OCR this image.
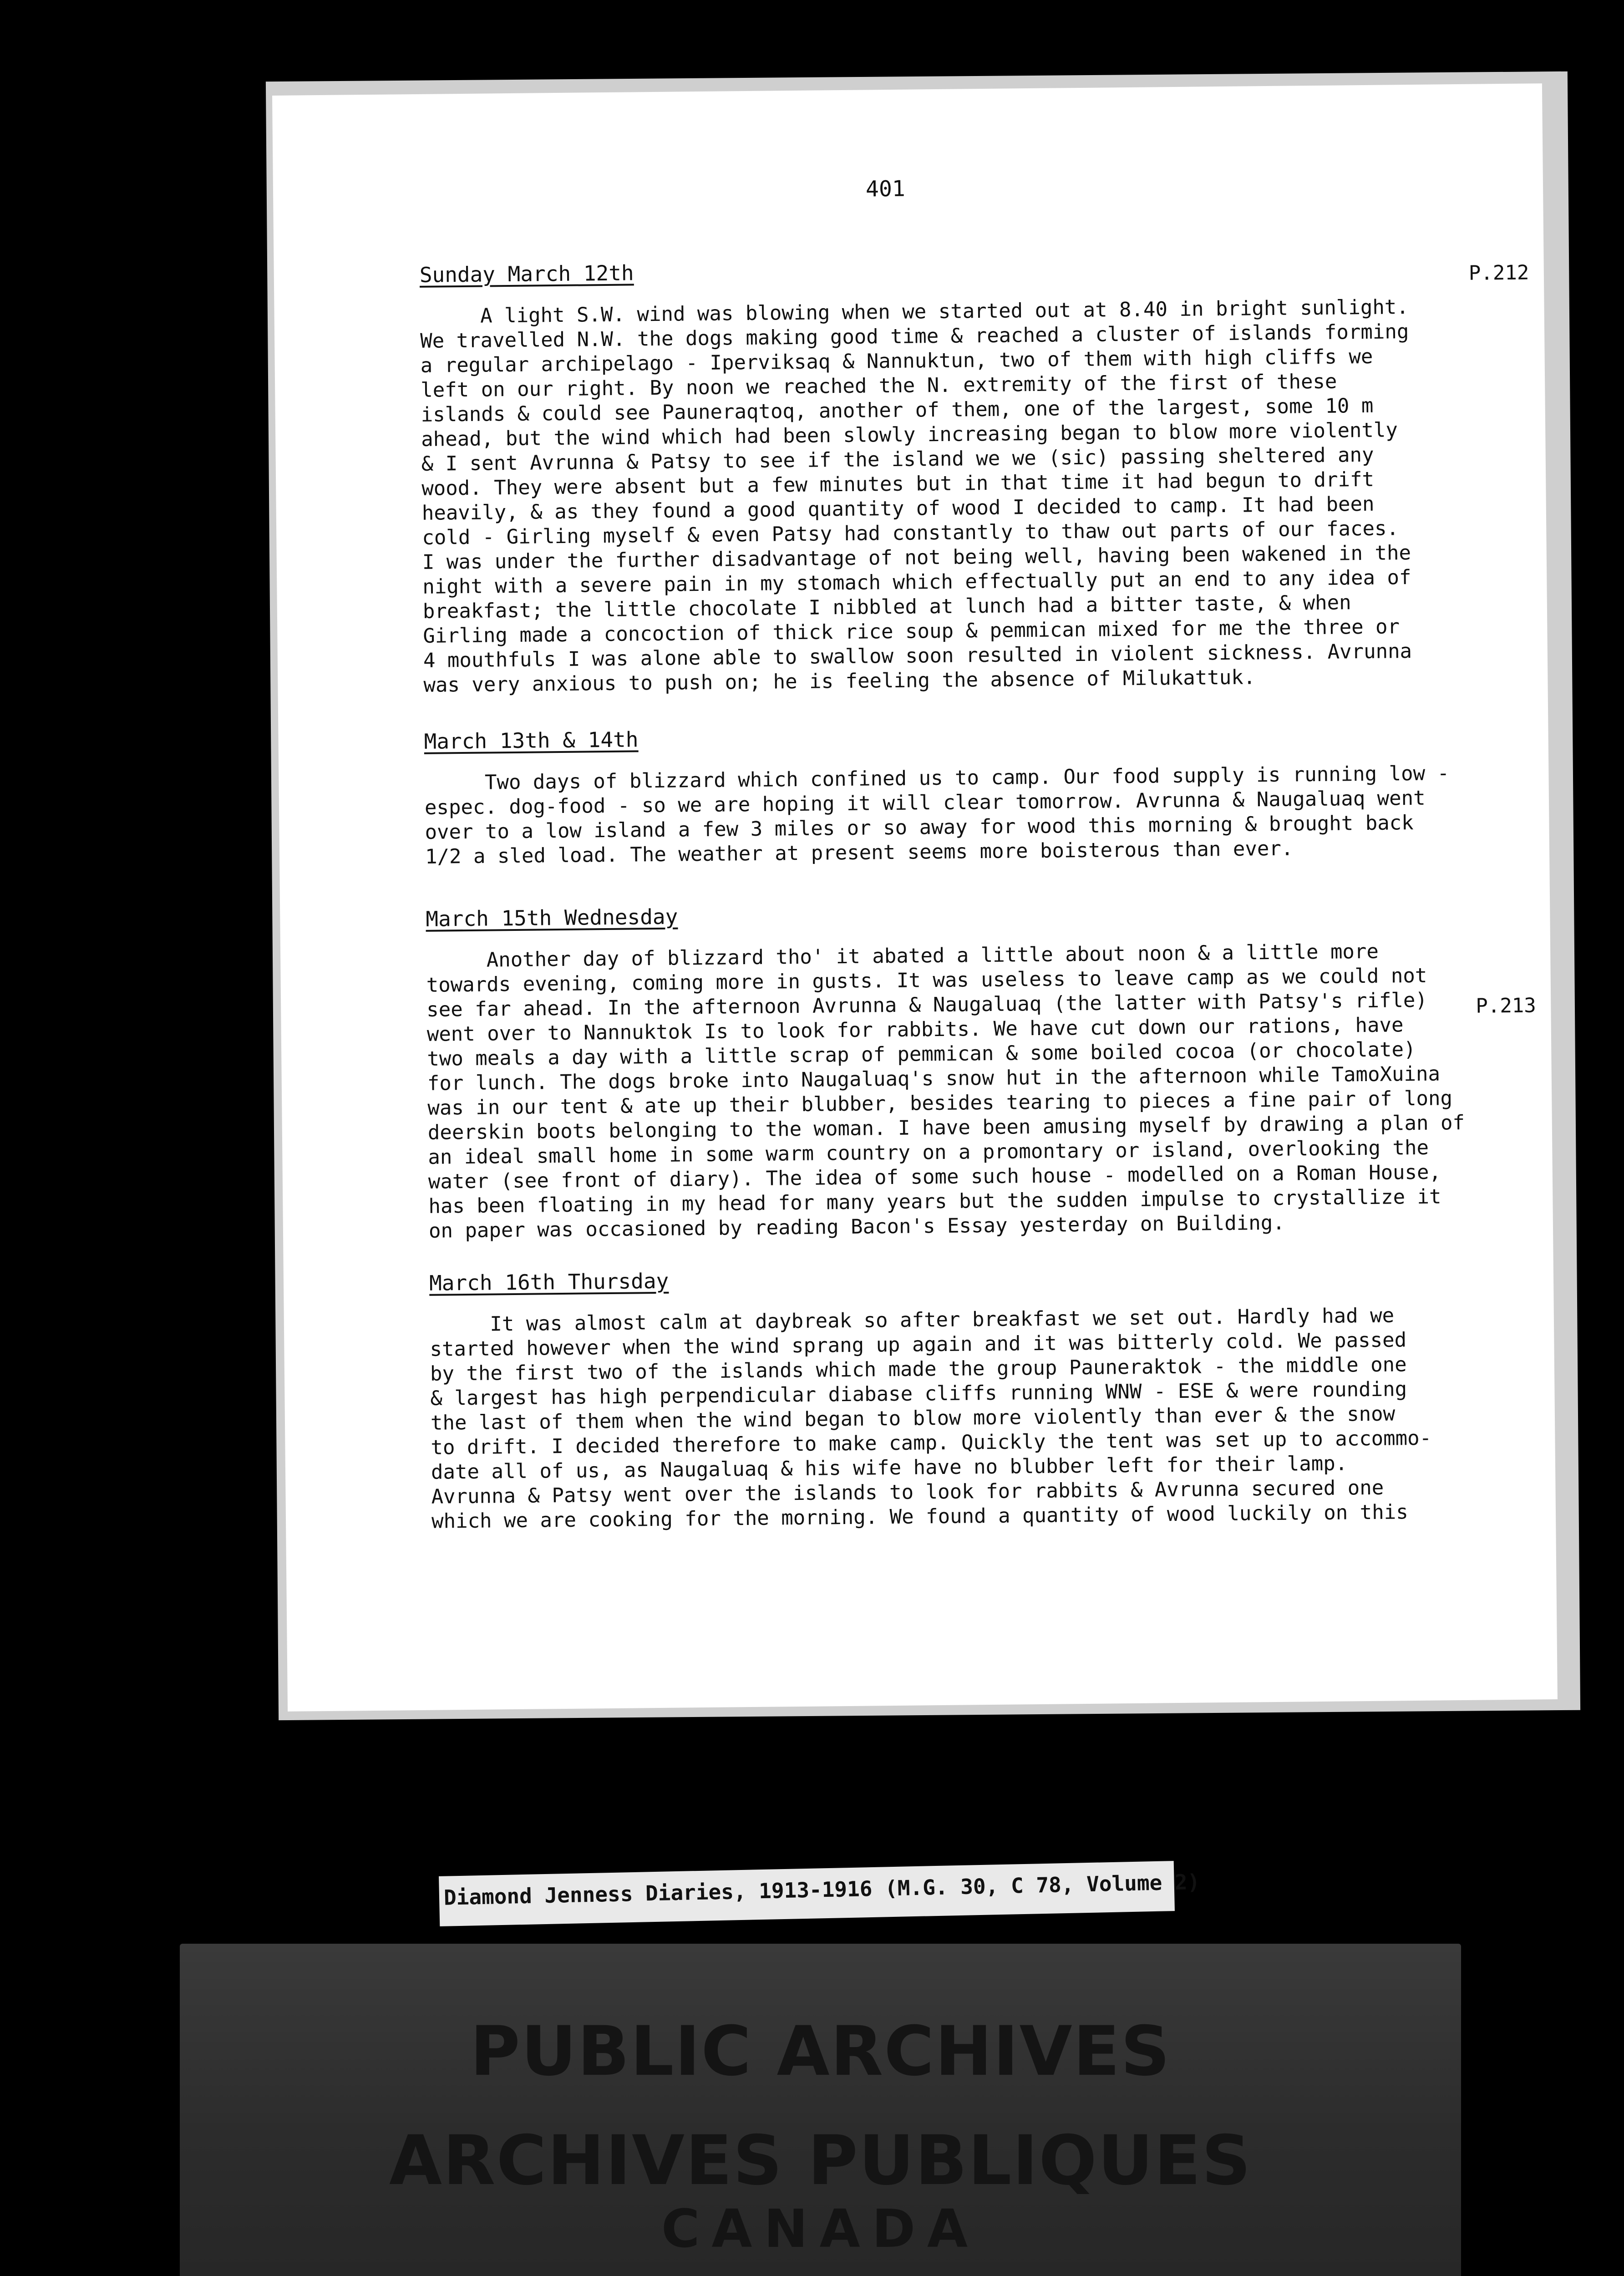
401
P.212
P.213
Sunday March 12th
A light S.W. wind was blowing when we started out at 8.40 in bright sunlight.
We travelled N.W. the dogs making good time & reached a cluster of islands forming
a regular archipelago - Iperviksaq & Nannuktun, two of them with high cliffs we
left on our right. By noon we reached the N. extremity of the first of these
islands & could see Pauneraqtoq, another of them, one of the largest, some 10 m
ahead, but the wind which had been slowly increasing began to blow more violently
& I sent Avrunna & Patsy to see if the island we we (sic) passing sheltered any
wood. They were absent but a few minutes but in that time it had begun to drift
heavily, & as they found a good quantity of wood I decided to camp. It had been
cold - Girling myself & even Patsy had constantly to thaw out parts of our faces.
I was under the further disadvantage of not being well, having been wakened in the
night with a severe pain in my stomach which effectually put an end to any idea of
breakfast; the little chocolate I nibbled at lunch had a bitter taste, & when
Girling made a concoction of thick rice soup & pemmican mixed for me the three or
4 mouthfuls I was alone able to swallow soon resulted in violent sickness. Avrunna
was very anxious to push on; he is feeling the absence of Milukattuk.
March 13th & 14th
Two days of blizzard which confined us to camp. Our food supply is running low -
espec. dog-food - so we are hoping it will clear tomorrow. Avrunna & Naugaluaq went
over to a low island a few 3 miles or so away for wood this morning & brought back
1/2 a sled load. The weather at present seems more boisterous than ever.
March 15th Wednesday
Another day of blizzard tho' it abated a little about noon & a little more
towards evening, coming more in gusts. It was useless to leave camp as we could not
see far ahead. In the afternoon Avrunna & Naugaluaq (the latter with Patsy's rifle)
went over to Nannuktok Is to look for rabbits. We have cut down our rations, have
two meals a day with a little scrap of pemmican & some boiled cocoa (or chocolate)
for lunch. The dogs broke into Naugaluaq's snow hut in the afternoon while TamoXuina
was in our tent & ate up their blubber, besides tearing to pieces a fine pair of long
deerskin boots belonging to the woman. I have been amusing myself by drawing a plan of
an ideal small home in some warm country on a promontary or island, overlooking the
water (see front of diary). The idea of some such house - modelled on a Roman House,
has been floating in my head for many years but the sudden impulse to crystallize it
on paper was occasioned by reading Bacon's Essay yesterday on Building.
March 16th Thursday
It was almost calm at daybreak so after breakfast we set out. Hardly had we
started however when the wind sprang up again and it was bitterly cold. We passed
by the first two of the islands which made the group Pauneraktok - the middle one
& largest has high perpendicular diabase cliffs running WNW - ESE & were rounding
the last of them when the wind began to blow more violently than ever & the snow
to drift. I decided therefore to make camp. Quickly the tent was set up to accommo-
date all of us, as Naugaluaq & his wife have no blubber left for their lamp.
Avrunna & Patsy went over the islands to look for rabbits & Avrunna secured one
which we are cooking for the morning. We found a quantity of wood luckily on this
Diamond Jenness Diaries, 1913-1916 (M.G. 30, C 78, Volume 2)
PUBLIC ARCHIVES
ARCHIVES PUBLIQUES
CANADA
